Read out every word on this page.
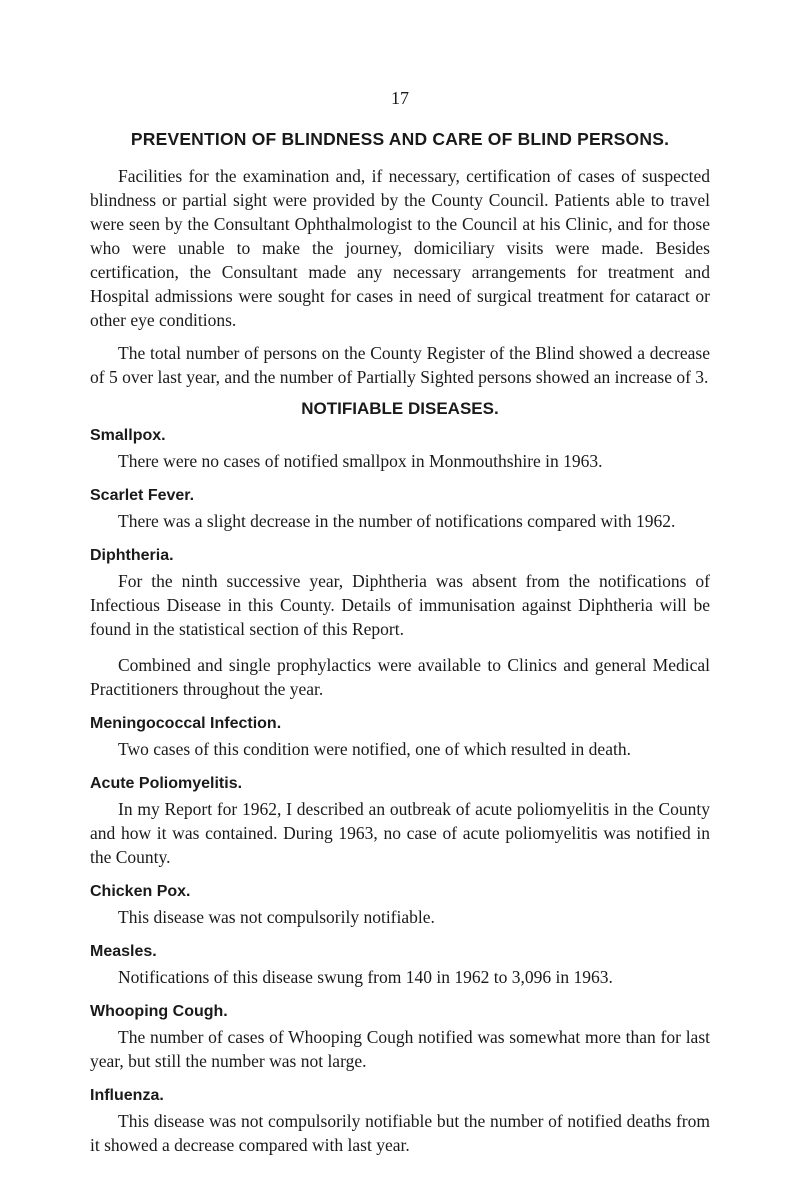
17
PREVENTION OF BLINDNESS AND CARE OF BLIND PERSONS.

Facilities for the examination and, if necessary, certification of cases of suspected blindness or partial sight were provided by the County Council. Patients able to travel were seen by the Consultant Ophthalmologist to the Council at his Clinic, and for those who were unable to make the journey, domiciliary visits were made. Besides certification, the Consultant made any necessary arrangements for treatment and Hospital admissions were sought for cases in need of surgical treatment for cataract or other eye conditions.

The total number of persons on the County Register of the Blind showed a decrease of 5 over last year, and the number of Partially Sighted persons showed an increase of 3.

NOTIFIABLE DISEASES.
Smallpox.

There were no cases of notified smallpox in Monmouthshire in 1963.

Scarlet Fever.

There was a slight decrease in the number of notifications compared with 1962.

Diphtheria.

For the ninth successive year, Diphtheria was absent from the notifications of Infectious Disease in this County. Details of immunisation against Diphtheria will be found in the statistical section of this Report.

Combined and single prophylactics were available to Clinics and general Medical Practitioners throughout the year.

Meningococcal Infection.

Two cases of this condition were notified, one of which resulted in death.

Acute Poliomyelitis.

In my Report for 1962, I described an outbreak of acute poliomyelitis in the County and how it was contained. During 1963, no case of acute poliomyelitis was notified in the County.

Chicken Pox.

This disease was not compulsorily notifiable.

Measles.

Notifications of this disease swung from 140 in 1962 to 3,096 in 1963.

Whooping Cough.

The number of cases of Whooping Cough notified was somewhat more than for last year, but still the number was not large.

Influenza.

This disease was not compulsorily notifiable but the number of notified deaths from it showed a decrease compared with last year.
